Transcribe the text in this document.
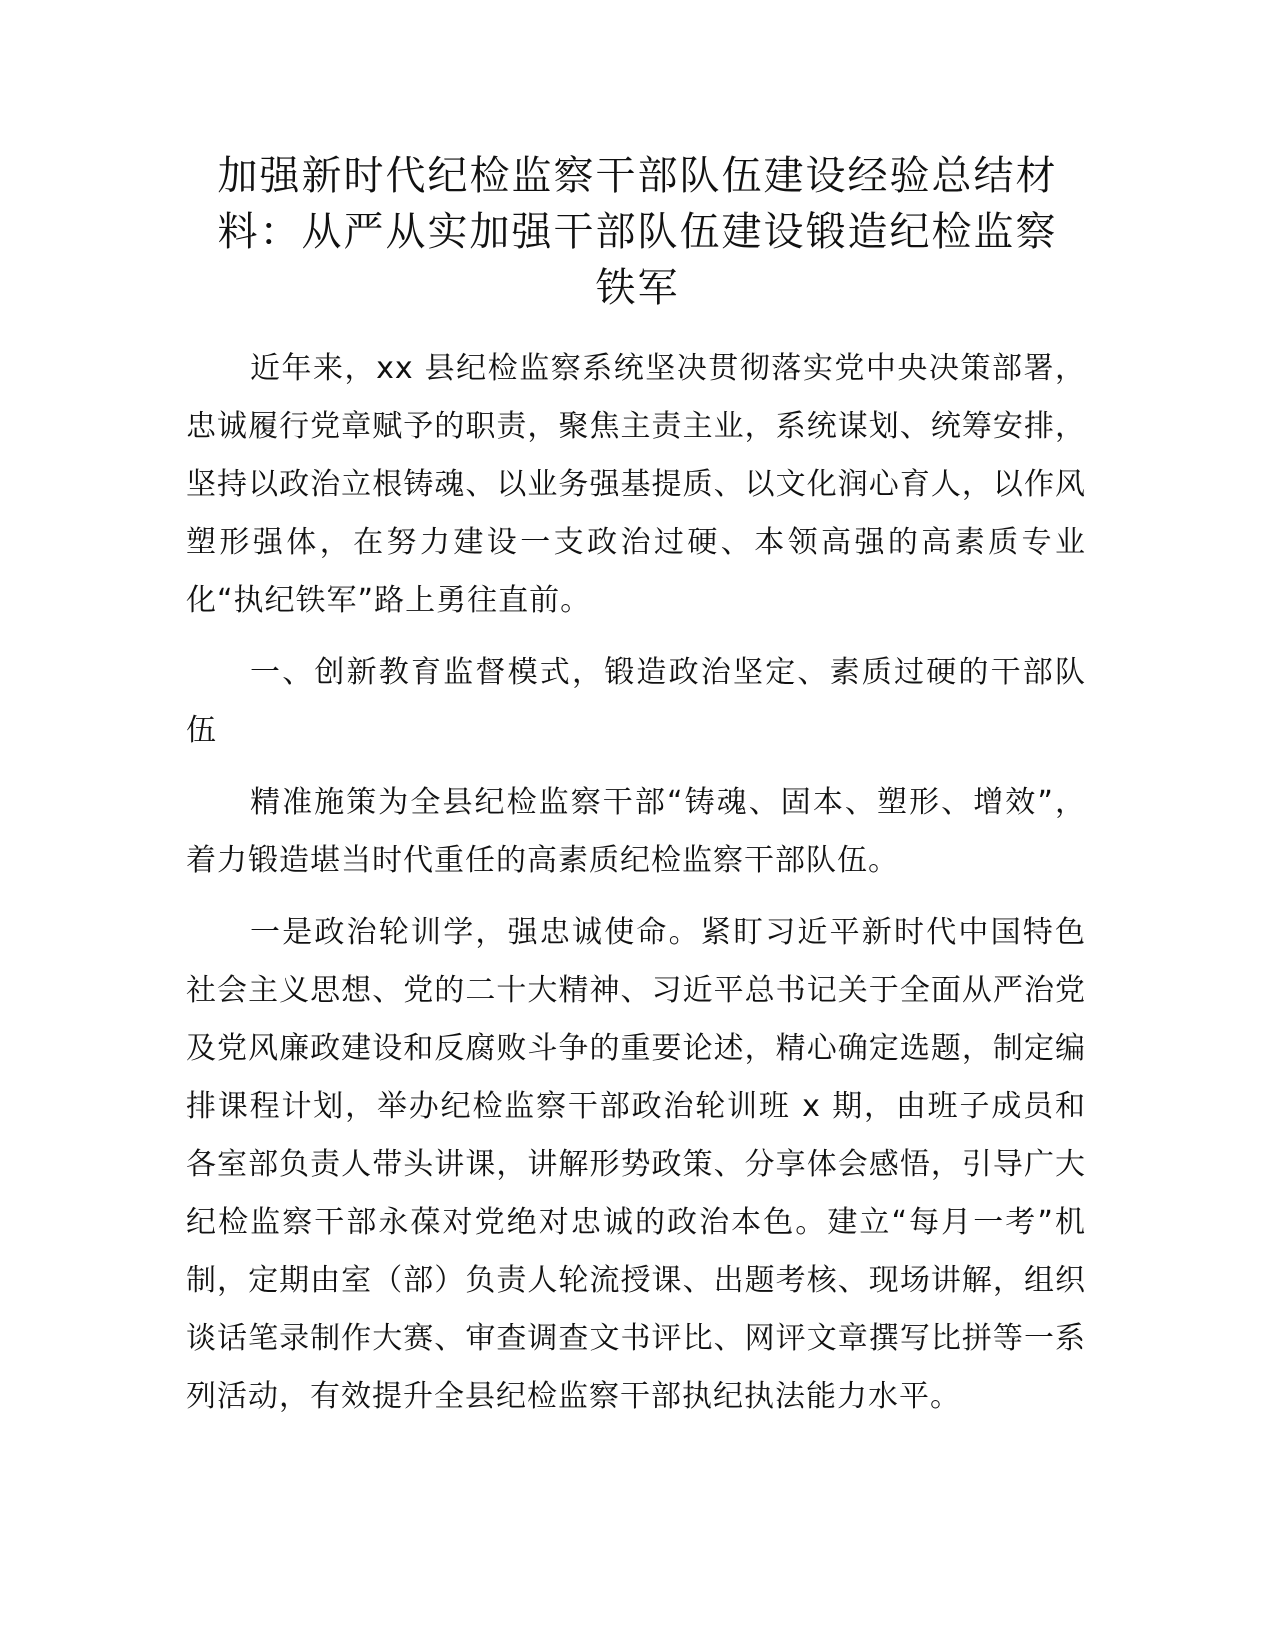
加强新时代纪检监察干部队伍建设经验总结材
料：从严从实加强干部队伍建设锻造纪检监察
铁军

近年来，xx 县纪检监察系统坚决贯彻落实党中央决策部署，忠诚履行党章赋予的职责，聚焦主责主业，系统谋划、统筹安排，坚持以政治立根铸魂、以业务强基提质、以文化润心育人，以作风塑形强体，在努力建设一支政治过硬、本领高强的高素质专业化“执纪铁军”路上勇往直前。

一、创新教育监督模式，锻造政治坚定、素质过硬的干部队伍

精准施策为全县纪检监察干部“铸魂、固本、塑形、增效”，着力锻造堪当时代重任的高素质纪检监察干部队伍。

一是政治轮训学，强忠诚使命。紧盯习近平新时代中国特色社会主义思想、党的二十大精神、习近平总书记关于全面从严治党及党风廉政建设和反腐败斗争的重要论述，精心确定选题，制定编排课程计划，举办纪检监察干部政治轮训班 x 期，由班子成员和各室部负责人带头讲课，讲解形势政策、分享体会感悟，引导广大纪检监察干部永葆对党绝对忠诚的政治本色。建立“每月一考”机制，定期由室（部）负责人轮流授课、出题考核、现场讲解，组织谈话笔录制作大赛、审查调查文书评比、网评文章撰写比拼等一系列活动，有效提升全县纪检监察干部执纪执法能力水平。
